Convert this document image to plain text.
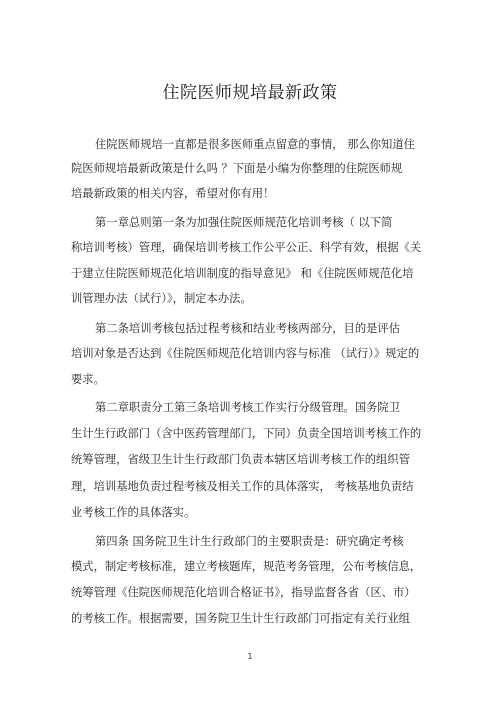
住院医师规培最新政策
住院医师规培一直都是很多医师重点留意的事情， 那么你知道住
院医师规培最新政策是什么吗 ？下面是小编为你整理的住院医师规
培最新政策的相关内容，希望对你有用！
第一章总则第一条为加强住院医师规范化培训考核（ 以下简
称培训考核）管理，确保培训考核工作公平公正、科学有效，根据《关
于建立住院医师规范化培训制度的指导意见》 和《住院医师规范化培
训管理办法（试行）》，制定本办法。
第二条培训考核包括过程考核和结业考核两部分，目的是评估
培训对象是否达到《住院医师规范化培训内容与标准 （试行）》规定的
要求。
第二章职责分工第三条培训考核工作实行分级管理。国务院卫
生计生行政部门（含中医药管理部门，下同）负责全国培训考核工作的
统筹管理，省级卫生计生行政部门负责本辖区培训考核工作的组织管
理，培训基地负责过程考核及相关工作的具体落实， 考核基地负责结
业考核工作的具体落实。
第四条 国务院卫生计生行政部门的主要职责是：研究确定考核
模式，制定考核标准，建立考核题库，规范考务管理，公布考核信息，
统筹管理《住院医师规范化培训合格证书》，指导监督各省（区、市）
的考核工作。根据需要，国务院卫生计生行政部门可指定有关行业组
1
